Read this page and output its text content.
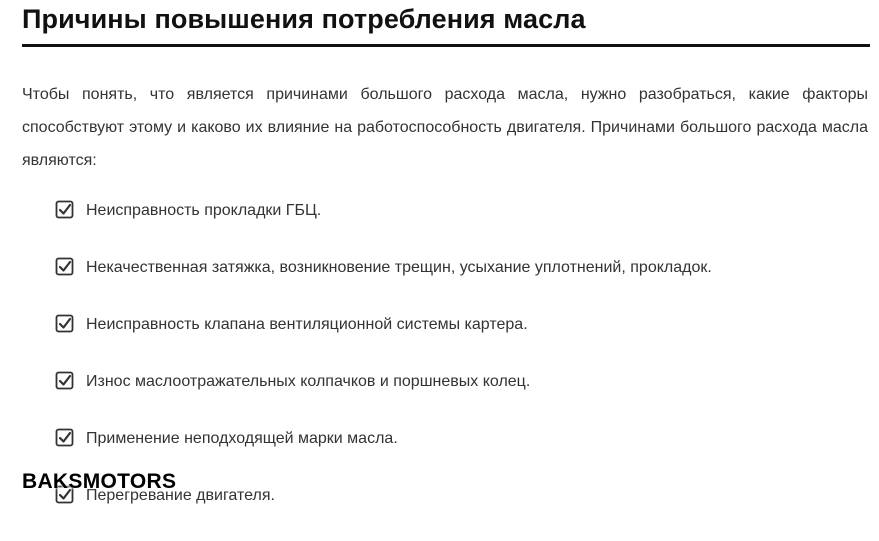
Причины повышения потребления масла
Чтобы понять, что является причинами большого расхода масла, нужно разобраться, какие факторы способствуют этому и каково их влияние на работоспособность двигателя. Причинами большого расхода масла являются:
Неисправность прокладки ГБЦ.
Некачественная затяжка, возникновение трещин, усыхание уплотнений, прокладок.
Неисправность клапана вентиляционной системы картера.
Износ маслоотражательных колпачков и поршневых колец.
Применение неподходящей марки масла.
Перегревание двигателя.
BAKSMOTORS
